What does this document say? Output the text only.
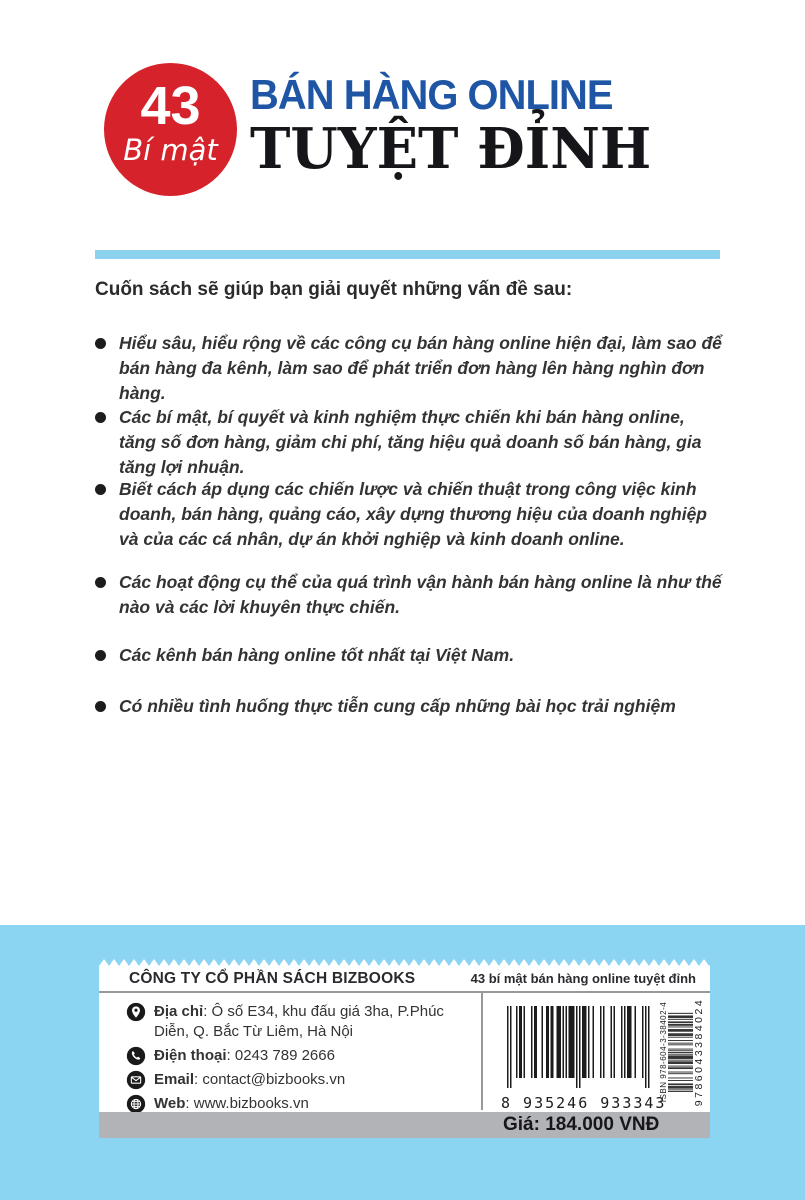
43
Bí mật
BÁN HÀNG ONLINE
TUYỆT ĐỈNH
Cuốn sách sẽ giúp bạn giải quyết những vấn đề sau:
Hiểu sâu, hiểu rộng về các công cụ bán hàng online hiện đại, làm sao để bán hàng đa kênh, làm sao để phát triển đơn hàng lên hàng nghìn đơn hàng.
Các bí mật, bí quyết và kinh nghiệm thực chiến khi bán hàng online, tăng số đơn hàng, giảm chi phí, tăng hiệu quả doanh số bán hàng, gia tăng lợi nhuận.
Biết cách áp dụng các chiến lược và chiến thuật trong công việc kinh doanh, bán hàng, quảng cáo, xây dựng thương hiệu của doanh nghiệp và của các cá nhân, dự án khởi nghiệp và kinh doanh online.
Các hoạt động cụ thể của quá trình vận hành bán hàng online là như thế nào và các lời khuyên thực chiến.
Các kênh bán hàng online tốt nhất tại Việt Nam.
Có nhiều tình huống thực tiễn cung cấp những bài học trải nghiệm
CÔNG TY CỔ PHẦN SÁCH BIZBOOKS	43 bí mật bán hàng online tuyệt đỉnh
Địa chỉ: Ô số E34, khu đấu giá 3ha, P.Phúc Diễn, Q. Bắc Từ Liêm, Hà Nội
Điện thoại: 0243 789 2666
Email: contact@bizbooks.vn
Web: www.bizbooks.vn	8 935246 933343
ISBN 978-604-3-38402-4 9786043384024
Giá: 184.000 VNĐ
